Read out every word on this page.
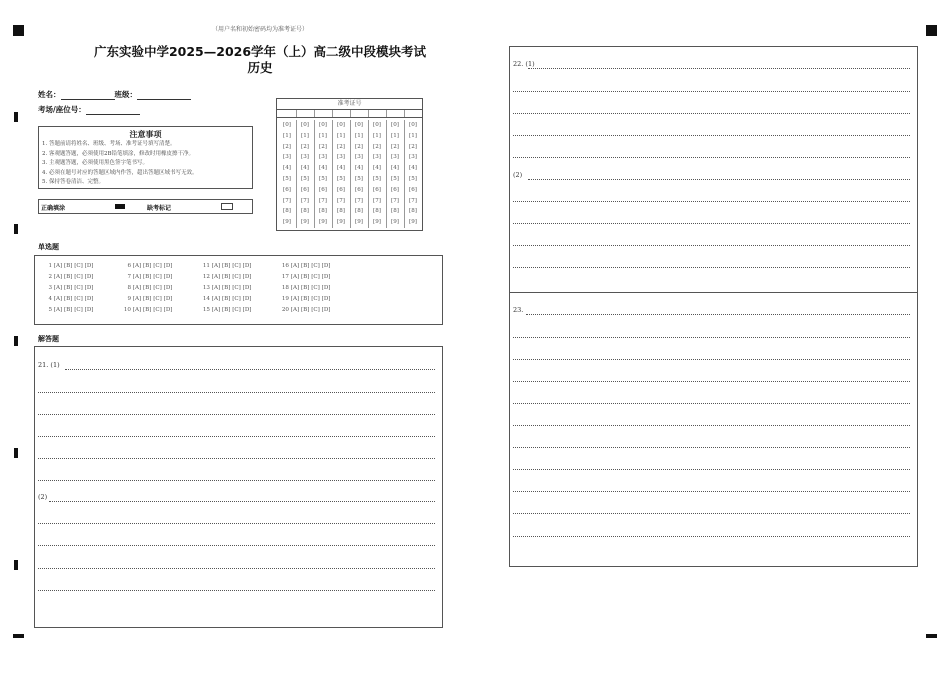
（用户名和初始密码均为准考证号）
广东实验中学2025—2026学年（上）高二级中段模块考试
历史
姓名：	班级：
考场/座位号：
注意事项
1. 答题前请将姓名、班级、考场、准考证号填写清楚。
2. 客观题答题，必须使用2B铅笔填涂，修改时用橡皮擦干净。
3. 主观题答题，必须使用黑色签字笔书写。
4. 必须在题号对应的答题区域内作答，超出答题区域书写无效。
5. 保持答卷清洁、完整。
正确填涂	缺考标记
准考证号
[0]
[1]
[2]
[3]
[4]
[5]
[6]
[7]
[8]
[9]
[0]
[1]
[2]
[3]
[4]
[5]
[6]
[7]
[8]
[9]
[0]
[1]
[2]
[3]
[4]
[5]
[6]
[7]
[8]
[9]
[0]
[1]
[2]
[3]
[4]
[5]
[6]
[7]
[8]
[9]
[0]
[1]
[2]
[3]
[4]
[5]
[6]
[7]
[8]
[9]
[0]
[1]
[2]
[3]
[4]
[5]
[6]
[7]
[8]
[9]
[0]
[1]
[2]
[3]
[4]
[5]
[6]
[7]
[8]
[9]
[0]
[1]
[2]
[3]
[4]
[5]
[6]
[7]
[8]
[9]
单选题
1 [A] [B] [C] [D]
2 [A] [B] [C] [D]
3 [A] [B] [C] [D]
4 [A] [B] [C] [D]
5 [A] [B] [C] [D]
6 [A] [B] [C] [D]
7 [A] [B] [C] [D]
8 [A] [B] [C] [D]
9 [A] [B] [C] [D]
10 [A] [B] [C] [D]
11 [A] [B] [C] [D]
12 [A] [B] [C] [D]
13 [A] [B] [C] [D]
14 [A] [B] [C] [D]
15 [A] [B] [C] [D]
16 [A] [B] [C] [D]
17 [A] [B] [C] [D]
18 [A] [B] [C] [D]
19 [A] [B] [C] [D]
20 [A] [B] [C] [D]
解答题
21. (1)
(2)
22. (1)
(2)
23.
